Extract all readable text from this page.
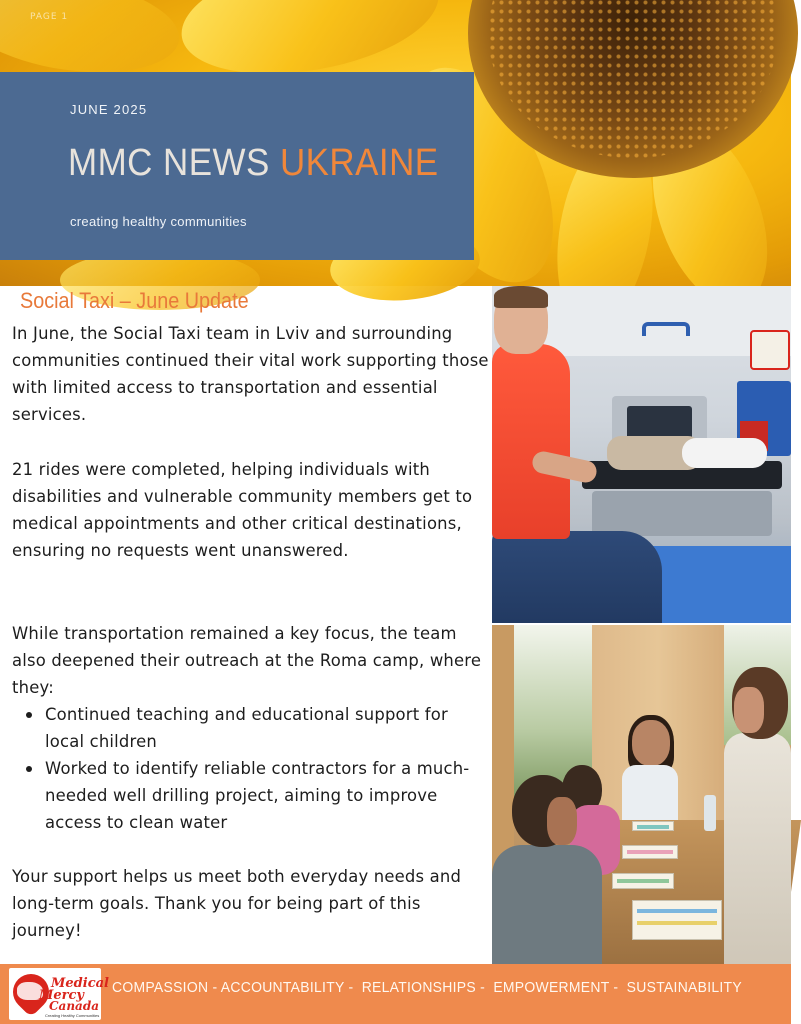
PAGE 1
JUNE 2025
MMC NEWS UKRAINE
creating healthy communities
Social Taxi – June Update

In June, the Social Taxi team in Lviv and surrounding communities continued their vital work supporting those with limited access to transportation and essential services.

21 rides were completed, helping individuals with disabilities and vulnerable community members get to medical appointments and other critical destinations, ensuring no requests went unanswered.

While transportation remained a key focus, the team also deepened their outreach at the Roma camp, where they:

Continued teaching and educational support for local children
Worked to identify reliable contractors for a much-needed well drilling project, aiming to improve access to clean water

Your support helps us meet both everyday needs and long-term goals. Thank you for being part of this journey!

Medical
Mercy
Canada
Creating Healthy Communities
COMPASSION - ACCOUNTABILITY -  RELATIONSHIPS -  EMPOWERMENT -  SUSTAINABILITY
